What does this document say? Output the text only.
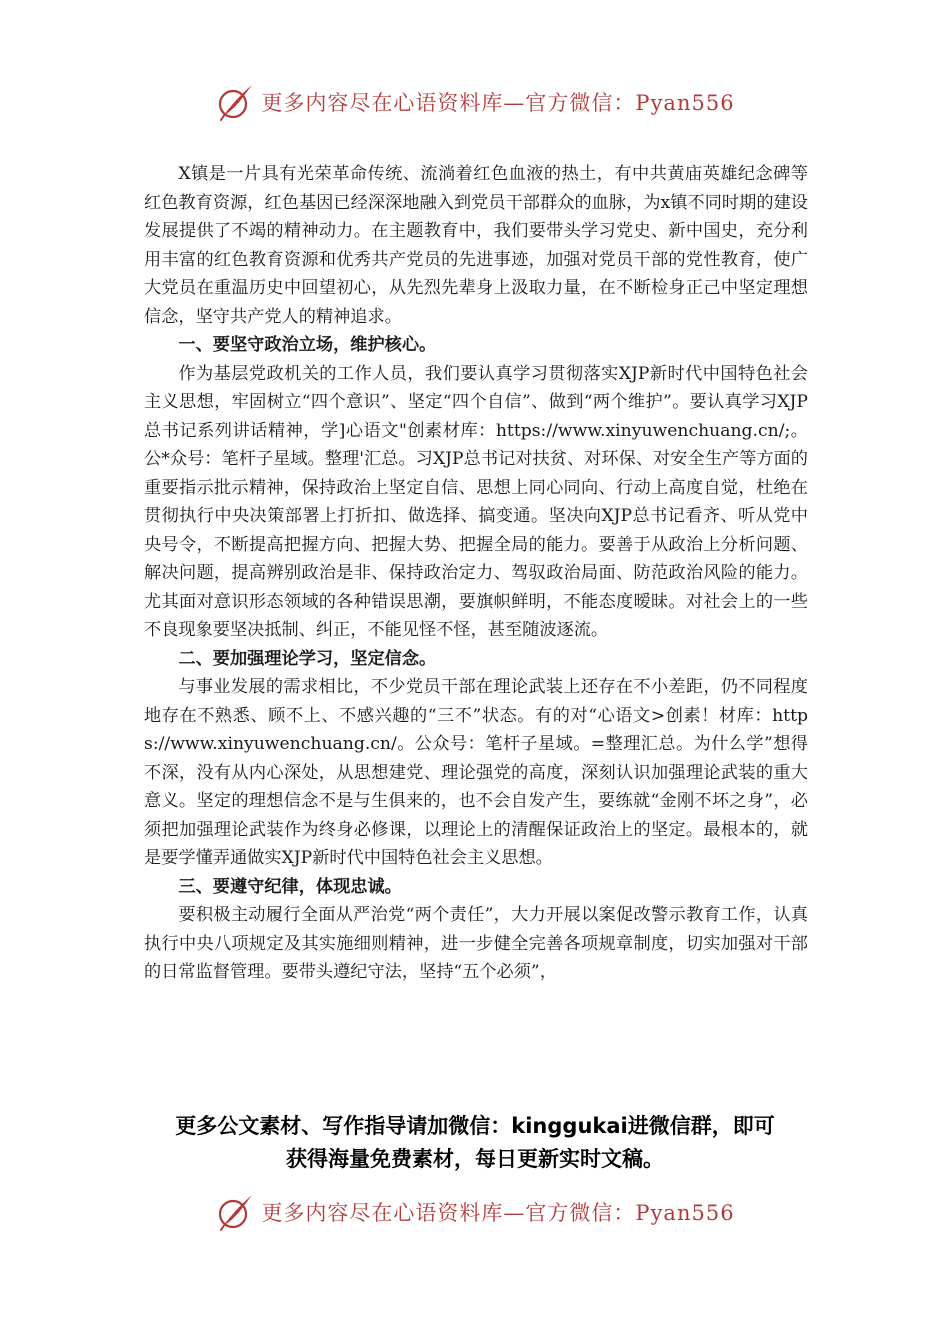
更多内容尽在心语资料库—官方微信：Pyan556

X镇是一片具有光荣革命传统、流淌着红色血液的热土，有中共黄庙英雄纪念碑等红色教育资源，红色基因已经深深地融入到党员干部群众的血脉，为x镇不同时期的建设发展提供了不竭的精神动力。在主题教育中，我们要带头学习党史、新中国史，充分利用丰富的红色教育资源和优秀共产党员的先进事迹，加强对党员干部的党性教育，使广大党员在重温历史中回望初心，从先烈先辈身上汲取力量，在不断检身正己中坚定理想信念，坚守共产党人的精神追求。

一、要坚守政治立场，维护核心。

作为基层党政机关的工作人员，我们要认真学习贯彻落实XJP新时代中国特色社会主义思想，牢固树立“四个意识”、坚定“四个自信”、做到“两个维护”。要认真学习XJP总书记系列讲话精神，学]心语文"创素材库：https://www.xinyuwenchuang.cn/;。公*众号：笔杆子星域。整理'汇总。习XJP总书记对扶贫、对环保、对安全生产等方面的重要指示批示精神，保持政治上坚定自信、思想上同心同向、行动上高度自觉，杜绝在贯彻执行中央决策部署上打折扣、做选择、搞变通。坚决向XJP总书记看齐、听从党中央号令，不断提高把握方向、把握大势、把握全局的能力。要善于从政治上分析问题、解决问题，提高辨别政治是非、保持政治定力、驾驭政治局面、防范政治风险的能力。尤其面对意识形态领域的各种错误思潮，要旗帜鲜明，不能态度暧昧。对社会上的一些不良现象要坚决抵制、纠正，不能见怪不怪，甚至随波逐流。

二、要加强理论学习，坚定信念。

与事业发展的需求相比，不少党员干部在理论武装上还存在不小差距，仍不同程度地存在不熟悉、顾不上、不感兴趣的“三不”状态。有的对“心语文>创素！材库：https://www.xinyuwenchuang.cn/。公众号：笔杆子星域。=整理汇总。为什么学”想得不深，没有从内心深处，从思想建党、理论强党的高度，深刻认识加强理论武装的重大意义。坚定的理想信念不是与生俱来的，也不会自发产生，要练就“金刚不坏之身”，必须把加强理论武装作为终身必修课，以理论上的清醒保证政治上的坚定。最根本的，就是要学懂弄通做实XJP新时代中国特色社会主义思想。

三、要遵守纪律，体现忠诚。

要积极主动履行全面从严治党“两个责任”，大力开展以案促改警示教育工作，认真执行中央八项规定及其实施细则精神，进一步健全完善各项规章制度，切实加强对干部的日常监督管理。要带头遵纪守法，坚持“五个必须”，

更多公文素材、写作指导请加微信：kinggukai进微信群，即可
获得海量免费素材，每日更新实时文稿。
更多内容尽在心语资料库—官方微信：Pyan556
